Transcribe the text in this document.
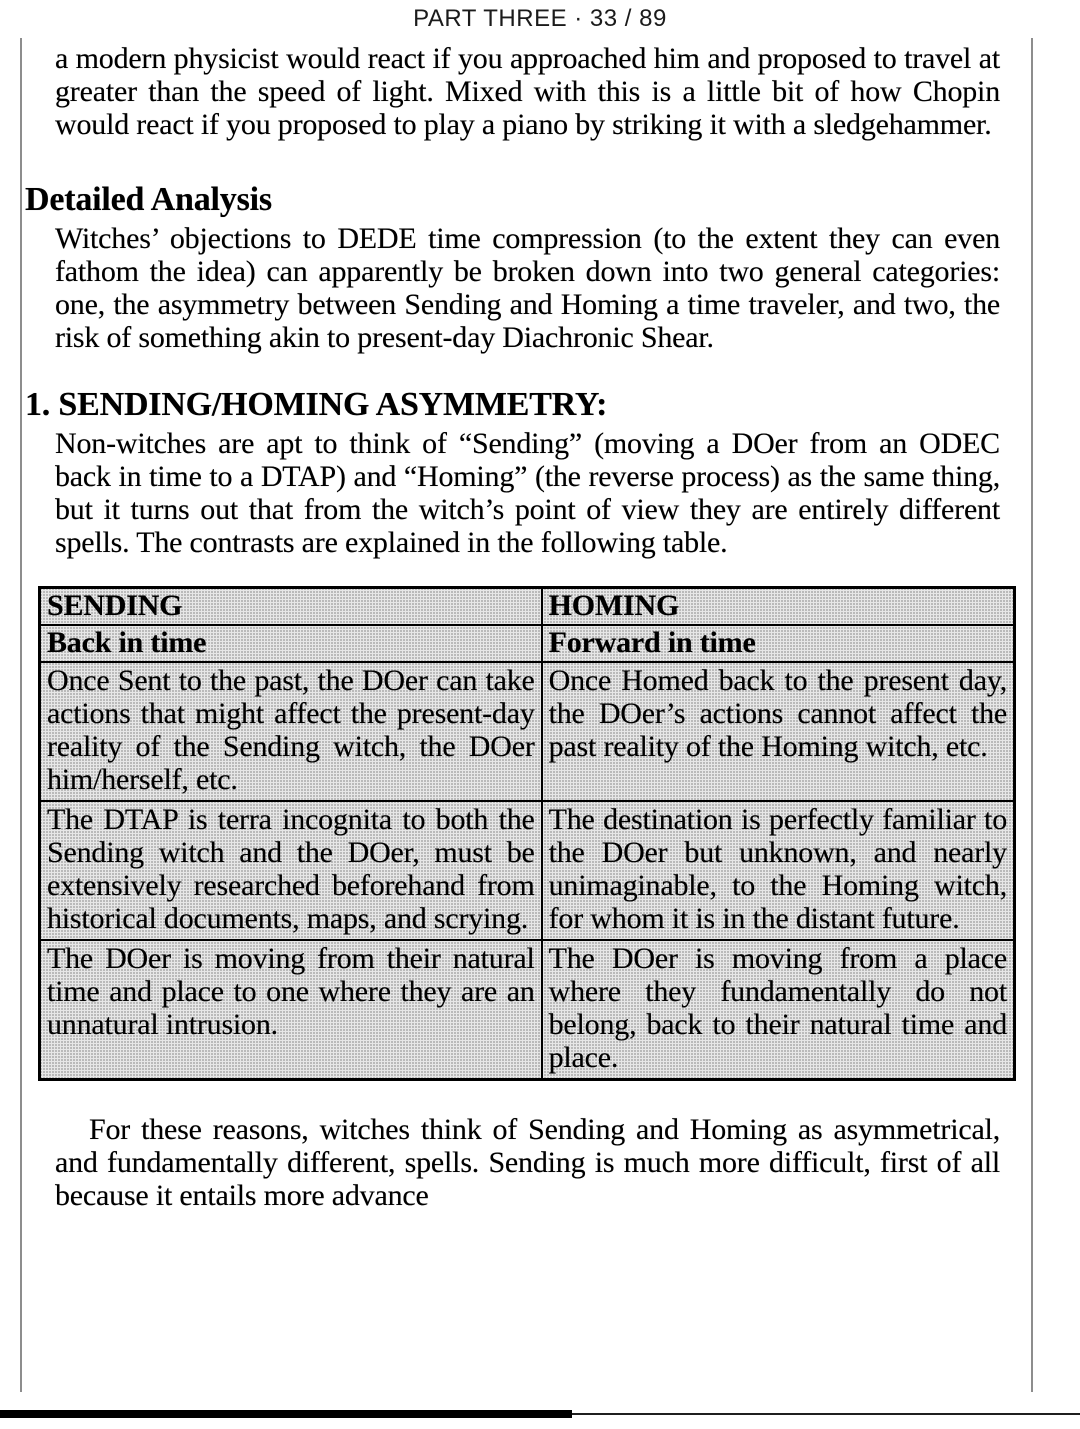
PART THREE · 33 / 89

a modern physicist would react if you approached him and proposed to travel at greater than the speed of light. Mixed with this is a little bit of how Chopin would react if you proposed to play a piano by striking it with a sledgehammer.

Detailed Analysis

Witches’ objections to DEDE time compression (to the extent they can even fathom the idea) can apparently be broken down into two general categories: one, the asymmetry between Sending and Homing a time traveler, and two, the risk of something akin to present-day Diachronic Shear.

1. SENDING/HOMING ASYMMETRY:

Non-witches are apt to think of “Sending” (moving a DOer from an ODEC back in time to a DTAP) and “Homing” (the reverse process) as the same thing, but it turns out that from the witch’s point of view they are entirely different spells. The contrasts are explained in the following table.

SENDING	HOMING
Back in time	Forward in time
Once Sent to the past, the DOer can take actions that might affect the present-day reality of the Sending witch, the DOer him/herself, etc.	Once Homed back to the present day, the DOer’s actions cannot affect the past reality of the Homing witch, etc.
The DTAP is terra incognita to both the Sending witch and the DOer, must be extensively researched beforehand from historical documents, maps, and scrying.	The destination is perfectly familiar to the DOer but unknown, and nearly unimaginable, to the Homing witch, for whom it is in the distant future.
The DOer is moving from their natural time and place to one where they are an unnatural intrusion.	The DOer is moving from a place where they fundamentally do not belong, back to their natural time and place.

For these reasons, witches think of Sending and Homing as asymmetrical, and fundamentally different, spells. Sending is much more difficult, first of all because it entails more advance
